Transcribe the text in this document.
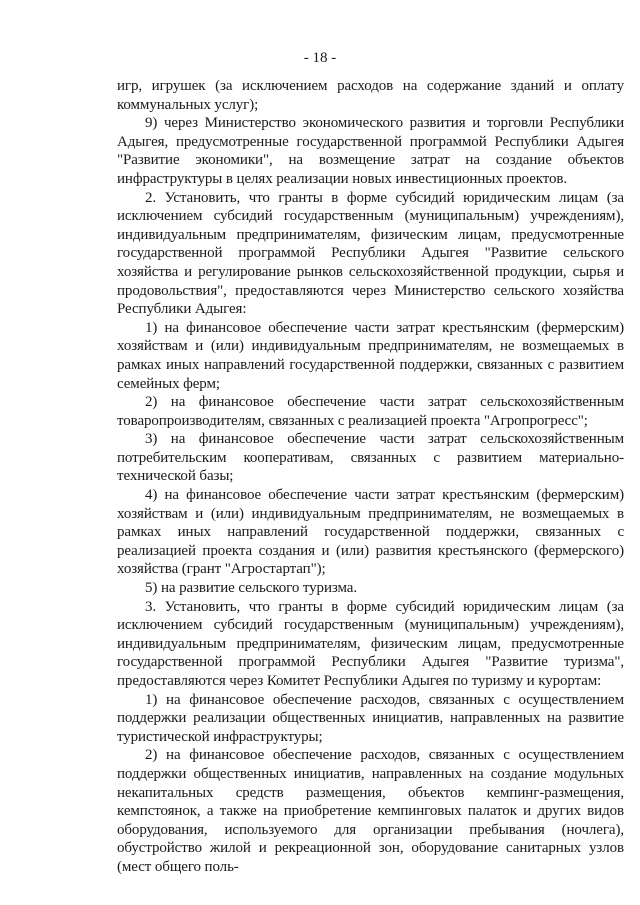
- 18 -

игр, игрушек (за исключением расходов на содержание зданий и оплату коммунальных услуг);

9) через Министерство экономического развития и торговли Республики Адыгея, предусмотренные государственной программой Республики Адыгея "Развитие экономики", на возмещение затрат на создание объектов инфраструктуры в целях реализации новых инвестиционных проектов.

2. Установить, что гранты в форме субсидий юридическим лицам (за исключением субсидий государственным (муниципальным) учреждениям), индивидуальным предпринимателям, физическим лицам, предусмотренные государственной программой Республики Адыгея "Развитие сельского хозяйства и регулирование рынков сельскохозяйственной продукции, сырья и продовольствия", предоставляются через Министерство сельского хозяйства Республики Адыгея:

1) на финансовое обеспечение части затрат крестьянским (фермерским) хозяйствам и (или) индивидуальным предпринимателям, не возмещаемых в рамках иных направлений государственной поддержки, связанных с развитием семейных ферм;

2) на финансовое обеспечение части затрат сельскохозяйственным товаропроизводителям, связанных с реализацией проекта "Агропрогресс";

3) на финансовое обеспечение части затрат сельскохозяйственным потребительским кооперативам, связанных с развитием материально-технической базы;

4) на финансовое обеспечение части затрат крестьянским (фермерским) хозяйствам и (или) индивидуальным предпринимателям, не возмещаемых в рамках иных направлений государственной поддержки, связанных с реализацией проекта создания и (или) развития крестьянского (фермерского) хозяйства (грант "Агростартап");

5) на развитие сельского туризма.

3. Установить, что гранты в форме субсидий юридическим лицам (за исключением субсидий государственным (муниципальным) учреждениям), индивидуальным предпринимателям, физическим лицам, предусмотренные государственной программой Республики Адыгея "Развитие туризма", предоставляются через Комитет Республики Адыгея по туризму и курортам:

1) на финансовое обеспечение расходов, связанных с осуществлением поддержки реализации общественных инициатив, направленных на развитие туристической инфраструктуры;

2) на финансовое обеспечение расходов, связанных с осуществлением поддержки общественных инициатив, направленных на создание модульных некапитальных средств размещения, объектов кемпинг-размещения, кемпстоянок, а также на приобретение кемпинговых палаток и других видов оборудования, используемого для организации пребывания (ночлега), обустройство жилой и рекреационной зон, оборудование санитарных узлов (мест общего поль-
